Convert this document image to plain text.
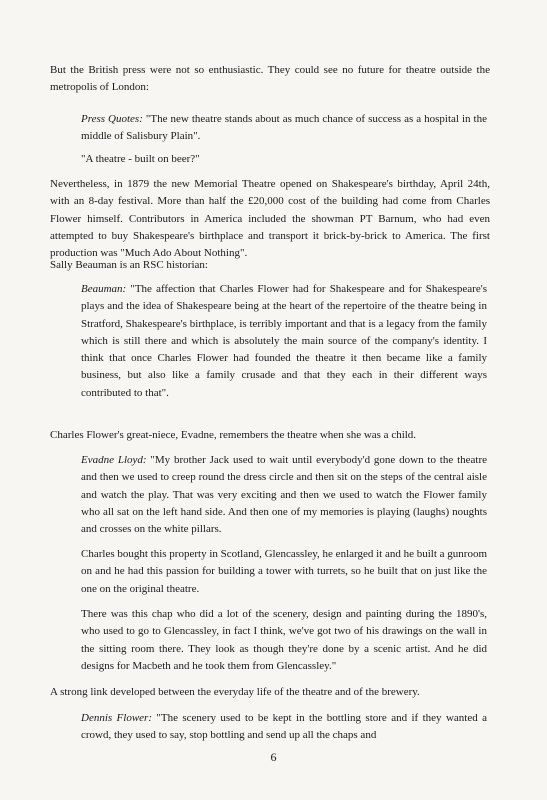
But the British press were not so enthusiastic. They could see no future for theatre outside the metropolis of London:

Press Quotes: "The new theatre stands about as much chance of success as a hospital in the middle of Salisbury Plain".

"A theatre - built on beer?"

Nevertheless, in 1879 the new Memorial Theatre opened on Shakespeare's birthday, April 24th, with an 8-day festival. More than half the £20,000 cost of the building had come from Charles Flower himself. Contributors in America included the showman PT Barnum, who had even attempted to buy Shakespeare's birthplace and transport it brick-by-brick to America. The first production was "Much Ado About Nothing".

Sally Beauman is an RSC historian:

Beauman: "The affection that Charles Flower had for Shakespeare and for Shakespeare's plays and the idea of Shakespeare being at the heart of the repertoire of the theatre being in Stratford, Shakespeare's birthplace, is terribly important and that is a legacy from the family which is still there and which is absolutely the main source of the company's identity. I think that once Charles Flower had founded the theatre it then became like a family business, but also like a family crusade and that they each in their different ways contributed to that".

Charles Flower's great-niece, Evadne, remembers the theatre when she was a child.

Evadne Lloyd: "My brother Jack used to wait until everybody'd gone down to the theatre and then we used to creep round the dress circle and then sit on the steps of the central aisle and watch the play. That was very exciting and then we used to watch the Flower family who all sat on the left hand side. And then one of my memories is playing (laughs) noughts and crosses on the white pillars.

Charles bought this property in Scotland, Glencassley, he enlarged it and he built a gunroom on and he had this passion for building a tower with turrets, so he built that on just like the one on the original theatre.

There was this chap who did a lot of the scenery, design and painting during the 1890's, who used to go to Glencassley, in fact I think, we've got two of his drawings on the wall in the sitting room there. They look as though they're done by a scenic artist. And he did designs for Macbeth and he took them from Glencassley."

A strong link developed between the everyday life of the theatre and of the brewery.

Dennis Flower: "The scenery used to be kept in the bottling store and if they wanted a crowd, they used to say, stop bottling and send up all the chaps and

6
